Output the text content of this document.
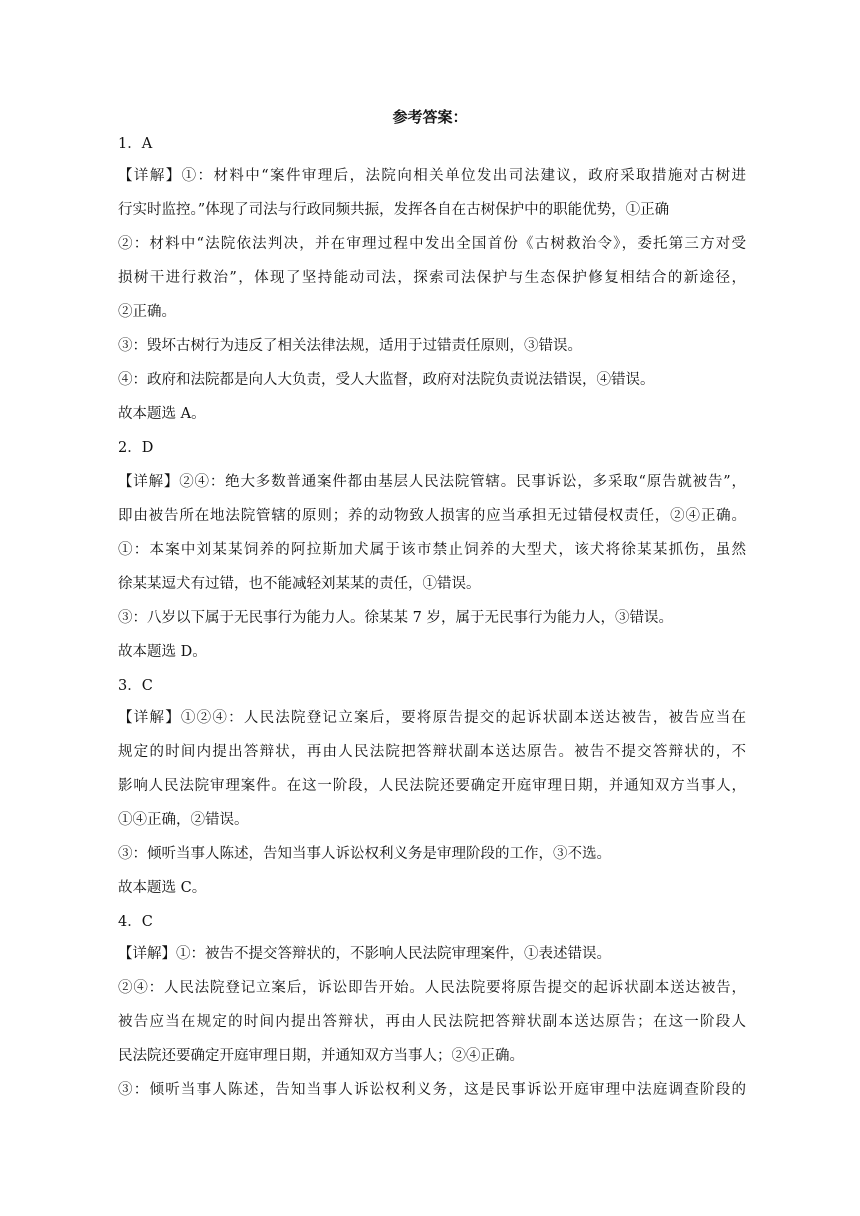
参考答案：
1．A
【详解】①：材料中“案件审理后，法院向相关单位发出司法建议，政府采取措施对古树进
行实时监控。”体现了司法与行政同频共振，发挥各自在古树保护中的职能优势，①正确
②：材料中“法院依法判决，并在审理过程中发出全国首份《古树救治令》，委托第三方对受
损树干进行救治”，体现了坚持能动司法，探索司法保护与生态保护修复相结合的新途径，
②正确。
③：毁坏古树行为违反了相关法律法规，适用于过错责任原则，③错误。
④：政府和法院都是向人大负责，受人大监督，政府对法院负责说法错误，④错误。
故本题选 A。
2．D
【详解】②④：绝大多数普通案件都由基层人民法院管辖。民事诉讼，多采取“原告就被告”，
即由被告所在地法院管辖的原则；养的动物致人损害的应当承担无过错侵权责任，②④正确。
①：本案中刘某某饲养的阿拉斯加犬属于该市禁止饲养的大型犬，该犬将徐某某抓伤，虽然
徐某某逗犬有过错，也不能减轻刘某某的责任，①错误。
③：八岁以下属于无民事行为能力人。徐某某 7 岁，属于无民事行为能力人，③错误。
故本题选 D。
3．C
【详解】①②④：人民法院登记立案后，要将原告提交的起诉状副本送达被告，被告应当在
规定的时间内提出答辩状，再由人民法院把答辩状副本送达原告。被告不提交答辩状的，不
影响人民法院审理案件。在这一阶段，人民法院还要确定开庭审理日期，并通知双方当事人，
①④正确，②错误。
③：倾听当事人陈述，告知当事人诉讼权利义务是审理阶段的工作，③不选。
故本题选 C。
4．C
【详解】①：被告不提交答辩状的，不影响人民法院审理案件，①表述错误。
②④：人民法院登记立案后，诉讼即告开始。人民法院要将原告提交的起诉状副本送达被告，
被告应当在规定的时间内提出答辩状，再由人民法院把答辩状副本送达原告；在这一阶段人
民法院还要确定开庭审理日期，并通知双方当事人；②④正确。
③：倾听当事人陈述，告知当事人诉讼权利义务，这是民事诉讼开庭审理中法庭调查阶段的
